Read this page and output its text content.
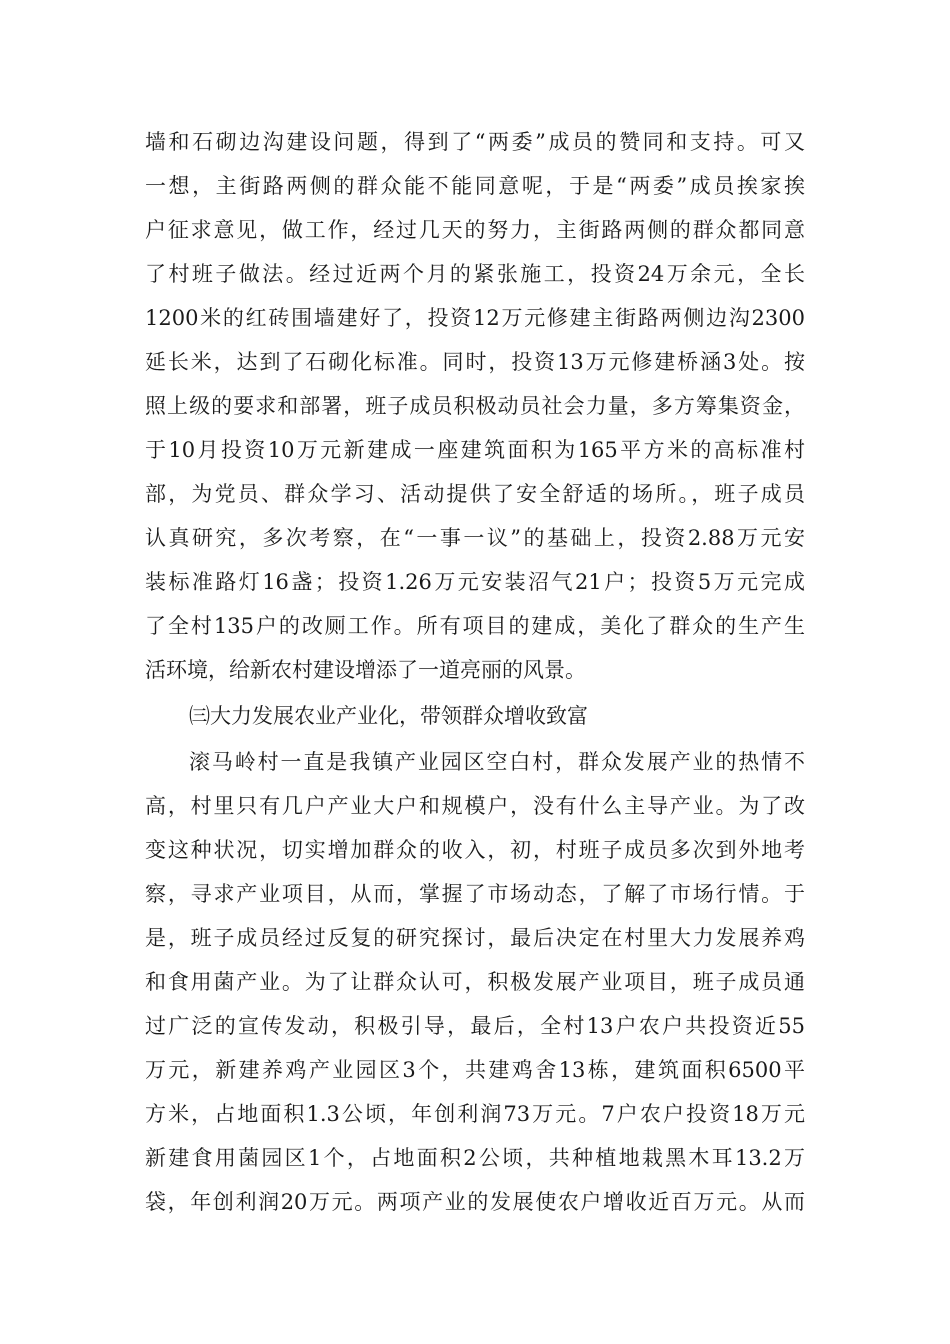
墙和石砌边沟建设问题，得到了“两委”成员的赞同和支持。可又
一想，主街路两侧的群众能不能同意呢，于是“两委”成员挨家挨
户征求意见，做工作，经过几天的努力，主街路两侧的群众都同意
了村班子做法。经过近两个月的紧张施工，投资24万余元，全长
1200米的红砖围墙建好了，投资12万元修建主街路两侧边沟2300
延长米，达到了石砌化标准。同时，投资13万元修建桥涵3处。按
照上级的要求和部署，班子成员积极动员社会力量，多方筹集资金，
于10月投资10万元新建成一座建筑面积为165平方米的高标准村
部，为党员、群众学习、活动提供了安全舒适的场所。，班子成员
认真研究，多次考察，在“一事一议”的基础上，投资2.88万元安
装标准路灯16盏；投资1.26万元安装沼气21户；投资5万元完成
了全村135户的改厕工作。所有项目的建成，美化了群众的生产生
活环境，给新农村建设增添了一道亮丽的风景。
㈢大力发展农业产业化，带领群众增收致富
滚马岭村一直是我镇产业园区空白村，群众发展产业的热情不
高，村里只有几户产业大户和规模户，没有什么主导产业。为了改
变这种状况，切实增加群众的收入，初，村班子成员多次到外地考
察，寻求产业项目，从而，掌握了市场动态，了解了市场行情。于
是，班子成员经过反复的研究探讨，最后决定在村里大力发展养鸡
和食用菌产业。为了让群众认可，积极发展产业项目，班子成员通
过广泛的宣传发动，积极引导，最后，全村13户农户共投资近55
万元，新建养鸡产业园区3个，共建鸡舍13栋，建筑面积6500平
方米，占地面积1.3公顷，年创利润73万元。7户农户投资18万元
新建食用菌园区1个，占地面积2公顷，共种植地栽黑木耳13.2万
袋，年创利润20万元。两项产业的发展使农户增收近百万元。从而
